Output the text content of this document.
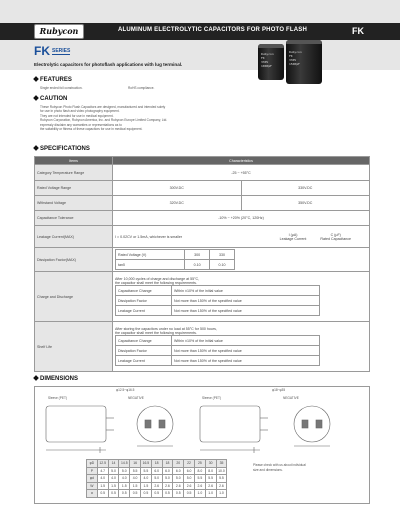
Rubycon	ALUMINUM ELECTROLYTIC CAPACITORS FOR PHOTO FLASH	FK
FK SERIES
Electrolytic capacitors for photoflash applications with lug terminal.
Rubycon
FK
330V
1000μF
Rubycon
FK
330V
1500μF
FEATURES
Single ended foil construction.	RoHS compliance.
CAUTION
These Rubycon Photo Flash Capacitors are designed, manufactured and intended solely
for use in photo flash and video photography equipment.
They are not intended for use in medical equipment.
Rubycon Corporation, Rubycon America, Inc. and Rubycon Europe Limited Company, Ltd.
expressly disclaim any warranties or representations as to
the suitability or fitness of these capacitors for use in medical equipment.
SPECIFICATIONS
Items	Characteristics
Category Temperature Range	-25 ~ +55°C
Rated Voltage Range	300V.DC	330V.DC
Withstand Voltage	320V.DC	350V.DC
Capacitance Tolerance	-10% ~ +20% (20°C, 120Hz)
Leakage Current(MAX)	I = 0.02CV or 1.5mA, whichever is smaller	I (μA)
Leakage Current
C (μF)
Rated Capacitance

Dissipation Factor(MAX)	
Rated Voltage (V)	300	330
tanδ	0.10	0.10

Charge and Discharge	
After 10,000 cycles of charge and discharge at 55°C,
the capacitor shall meet the following requirements.
Capacitance Change	Within ±10% of the initial value
Dissipation Factor	Not more than 150% of the specified value
Leakage Current	Not more than 150% of the specified value

Shelf Life	
After storing the capacitors under no load at 55°C for 500 hours,
the capacitor shall meet the following requirements.
Capacitance Change	Within ±10% of the initial value
Dissipation Factor	Not more than 150% of the specified value
Leakage Current	Not more than 150% of the specified value
DIMENSIONS
φ12.5~φ16.5	φ18~φ35
Sleeve (PET)	NEGATIVE	Sleeve (PET)	NEGATIVE
φD	12.5	14	14.5	16	16.5	18	18	20	22	25	30	35
P	4.7	5.0	5.0	5.5	5.5	6.0	6.0	6.0	6.0	8.0	8.0	10.0
φd	4.0	4.0	4.0	4.0	4.0	5.0	5.0	5.0	5.0	5.5	5.5	5.5
W	1.5	1.5	1.5	1.5	1.5	2.6	2.6	2.6	2.6	2.6	2.6	2.6
α	0.5	0.5	0.5	0.5	0.5	0.5	0.5	0.5	0.5	1.0	1.0	1.0
Please check with us about individual
size and dimensions.
